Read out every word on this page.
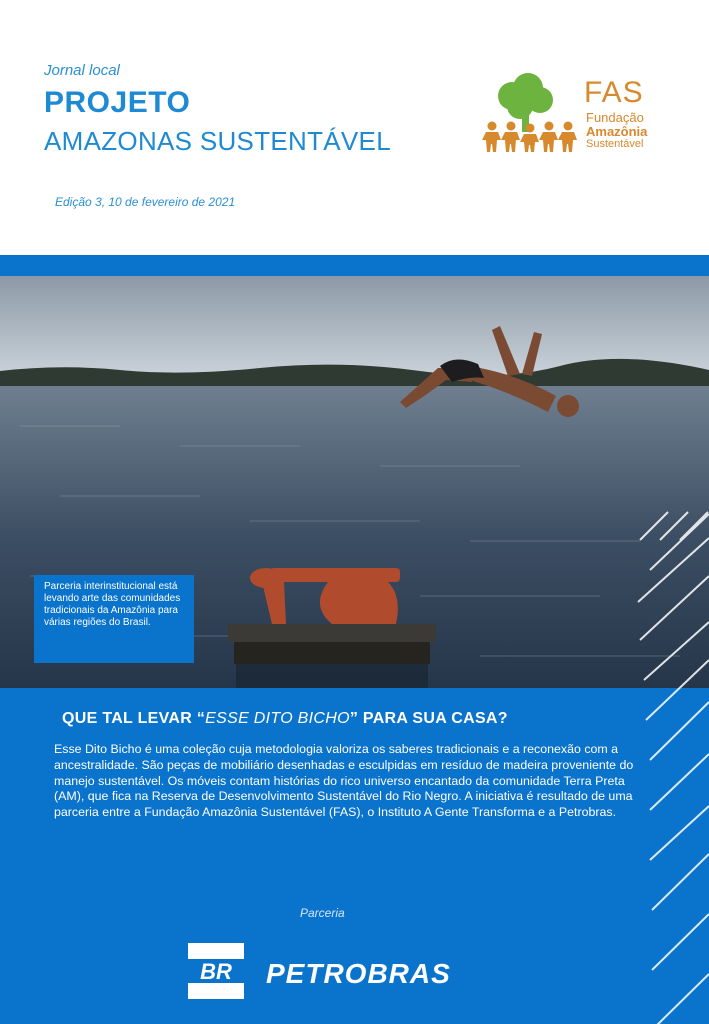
Jornal local
PROJETO
AMAZONAS SUSTENTÁVEL
Edição 3, 10 de fevereiro de 2021
FAS
Fundação
Amazônia
Sustentável
Parceria interinstitucional está levando arte das comunidades tradicionais da Amazônia para várias regiões do Brasil.
QUE TAL LEVAR “ESSE DITO BICHO” PARA SUA CASA?
Esse Dito Bicho é uma coleção cuja metodologia valoriza os saberes tradicionais e a reconexão com a ancestralidade. São peças de mobiliário desenhadas e esculpidas em resíduo de madeira proveniente do manejo sustentável. Os móveis contam histórias do rico universo encantado da comunidade Terra Preta (AM), que fica na Reserva de Desenvolvimento Sustentável do Rio Negro. A iniciativa é resultado de uma parceria entre a Fundação Amazônia Sustentável (FAS), o Instituto A Gente Transforma e a Petrobras.
Parceria
BR	PETROBRAS
